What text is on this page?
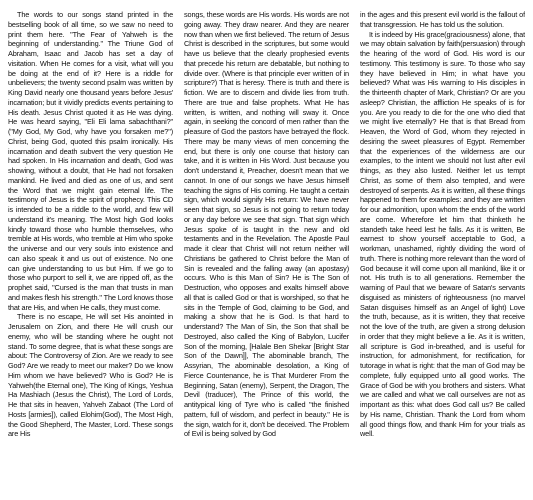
The words to our songs stand printed in the bestselling book of all time, so we saw no need to print them here. "The Fear of Yahweh is the beginning of understanding." The Triune God of Abraham, Isaac and Jacob has set a day of visitation. When He comes for a visit, what will you be doing at the end of it? Here is a riddle for unbelievers; the twenty second psalm was written by King David nearly one thousand years before Jesus' incarnation; but it vividly predicts events pertaining to His death. Jesus Christ quoted it as He was dying. He was heard saying, "Eli Eli lama sabachthani?" ("My God, My God, why have you forsaken me?") Christ, being God, quoted this psalm ironically. His incarnation and death subvert the very question He had spoken. In His incarnation and death, God was showing, without a doubt, that He had not forsaken mankind. He lived and died as one of us, and sent the Word that we might gain eternal life. The testimony of Jesus is the spirit of prophecy. This CD is intended to be a riddle to the world, and few will understand it's meaning. The Most high God looks kindly toward those who humble themselves, who tremble at His words, who tremble at Him who spoke the universe and our very souls into existence and can also speak it and us out of existence. No one can give understanding to us but Him. If we go to those who purport to sell it, we are ripped off, as the prophet said, "Cursed is the man that trusts in man and makes flesh his strength." The Lord knows those that are His, and when He calls, they must come.

There is no escape, He will set His anointed in Jerusalem on Zion, and there He will crush our enemy, who will be standing where he ought not stand. To some degree, that is what these songs are about: The Controversy of Zion. Are we ready to see God? Are we ready to meet our maker? Do we know Him whom we have believed? Who is God? He is Yahweh(the Eternal one), The King of Kings, Yeshua Ha Mashiach (Jesus the Christ), The Lord of Lords, He that sits in heaven, Yahveh Zabaot (The Lord of Hosts [armies]), called Elohim(God), The Most High, the Good Shepherd, The Master, Lord. These songs are His

songs, these words are His words. His words are not going away. They draw nearer. And they are nearer now than when we first believed. The return of Jesus Christ is described in the scriptures, but some would have us believe that the clearly prophesied events that precede his return are debatable, but nothing to divide over. (Where is that principle ever written of in scripture?) That is heresy. There is truth and there is fiction. We are to discern and divide lies from truth. There are true and false prophets. What He has written, is written, and nothing will sway it. Once again, in seeking the concord of men rather than the pleasure of God the pastors have betrayed the flock. There may be many views of men concerning the end, but there is only one course that history can take, and it is written in His Word. Just because you don't understand it, Preacher, doesn't mean that we cannot. In one of our songs we have Jesus himself teaching the signs of His coming. He taught a certain sign, which would signify His return: We have never seen that sign, so Jesus is not going to return today or any day before we see that sign. That sign which Jesus spoke of is taught in the new and old testaments and in the Revelation. The Apostle Paul made it clear that Christ will not return neither will Christians be gathered to Christ before the Man of Sin is revealed and the falling away (an apostasy) occurs. Who is this Man of Sin? He is The Son of Destruction, who opposes and exalts himself above all that is called God or that is worshiped, so that he sits in the Temple of God, claiming to be God, and making a show that he is God. Is that hard to understand? The Man of Sin, the Son that shall be Destroyed, also called the King of Babylon, Lucifer Son of the morning, [Halale Ben Shekar [Bright Star Son of the Dawn]], The abominable branch, The Assyrian, The abominable desolation, a King of Fierce Countenance, he is That Murderer From the Beginning, Satan (enemy), Serpent, the Dragon, The Devil (traducer), The Prince of this world, the antitypical king of Tyre who is called "the finished pattern, full of wisdom, and perfect in beauty." He is the sign, watch for it, don't be deceived. The Problem of Evil is being solved by God

in the ages and this present evil world is the fallout of that transgression. He has told us the solution.

It is indeed by His grace(graciousness) alone, that we may obtain salvation by faith(persuasion) through the hearing of the word of God. His word is our testimony. This testimony is sure. To those who say they have believed in Him; in what have you believed? What was His warning to His disciples in the thirteenth chapter of Mark, Christian? Or are you asleep? Christian, the affliction He speaks of is for you. Are you ready to die for the one who died that we might live eternally? He that is that Bread from Heaven, the Word of God, whom they rejected in desiring the sweet pleasures of Egypt. Remember that the experiences of the wilderness are our examples, to the intent we should not lust after evil things, as they also lusted. Neither let us tempt Christ, as some of them also tempted, and were destroyed of serpents. As it is written, all these things happened to them for examples: and they are written for our admonition, upon whom the ends of the world are come. Wherefore let him that thinketh he standeth take heed lest he falls. As it is written, Be earnest to show yourself acceptable to God, a workman, unashamed, rightly dividing the word of truth. There is nothing more relevant than the word of God because it will come upon all mankind, like it or not. His truth is to all generations. Remember the warning of Paul that we beware of Satan's servants disguised as ministers of righteousness (no marvel Satan disguises himself as an Angel of light) Love the truth, because, as it is written, they that receive not the love of the truth, are given a strong delusion in order that they might believe a lie. As it is written, all scripture is God in-breathed, and is useful for instruction, for admonishment, for rectification, for tutorage in what is right: that the man of God may be complete, fully equipped unto all good works. The Grace of God be with you brothers and sisters. What we are called and what we call ourselves are not as important as this: what does God call us? Be called by His name, Christian. Thank the Lord from whom all good things flow, and thank Him for your trials as well.
